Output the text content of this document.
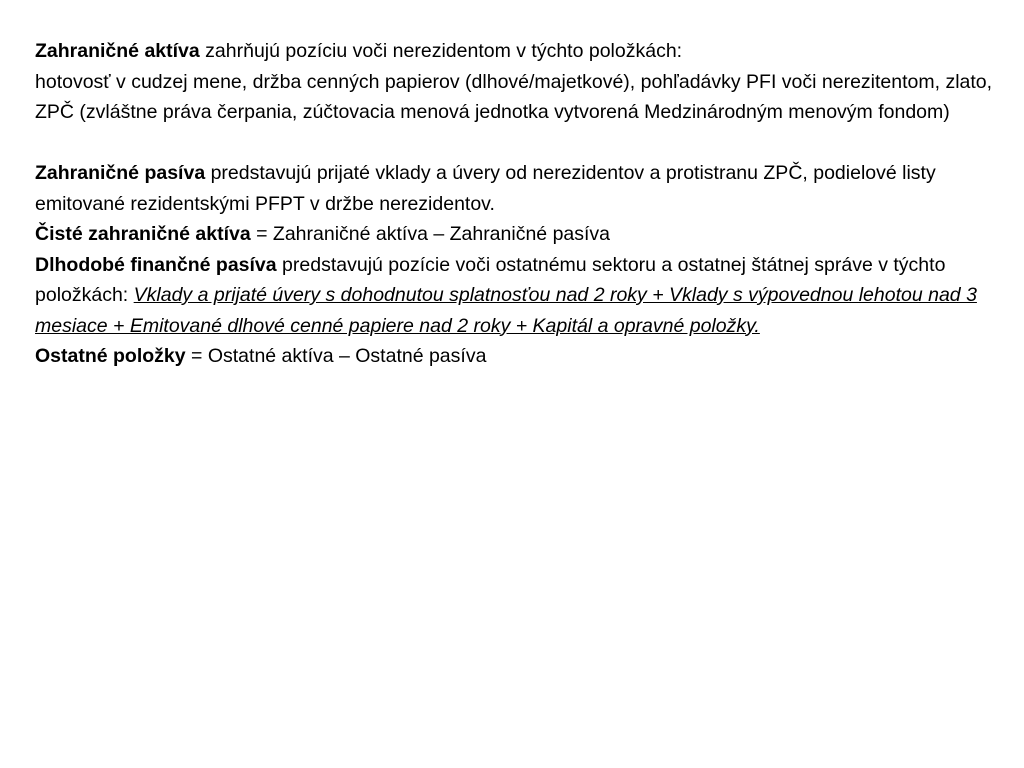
Zahraničné aktíva zahrňujú pozíciu voči nerezidentom v týchto položkách:
hotovosť v cudzej mene, držba cenných papierov (dlhové/majetkové), pohľadávky PFI voči nerezitentom, zlato, ZPČ (zvláštne práva čerpania, zúčtovacia menová jednotka vytvorená Medzinárodným menovým fondom)

Zahraničné pasíva predstavujú prijaté vklady a úvery od nerezidentov a protistranu ZPČ, podielové listy emitované rezidentskými PFPT v držbe nerezidentov.

Čisté zahraničné aktíva = Zahraničné aktíva – Zahraničné pasíva

Dlhodobé finančné pasíva predstavujú pozície voči ostatnému sektoru a ostatnej štátnej správe v týchto položkách: Vklady a prijaté úvery s dohodnutou splatnosťou nad 2 roky + Vklady s výpovednou lehotou nad 3 mesiace + Emitované dlhové cenné papiere nad 2 roky + Kapitál a opravné položky.

Ostatné položky = Ostatné aktíva – Ostatné pasíva
